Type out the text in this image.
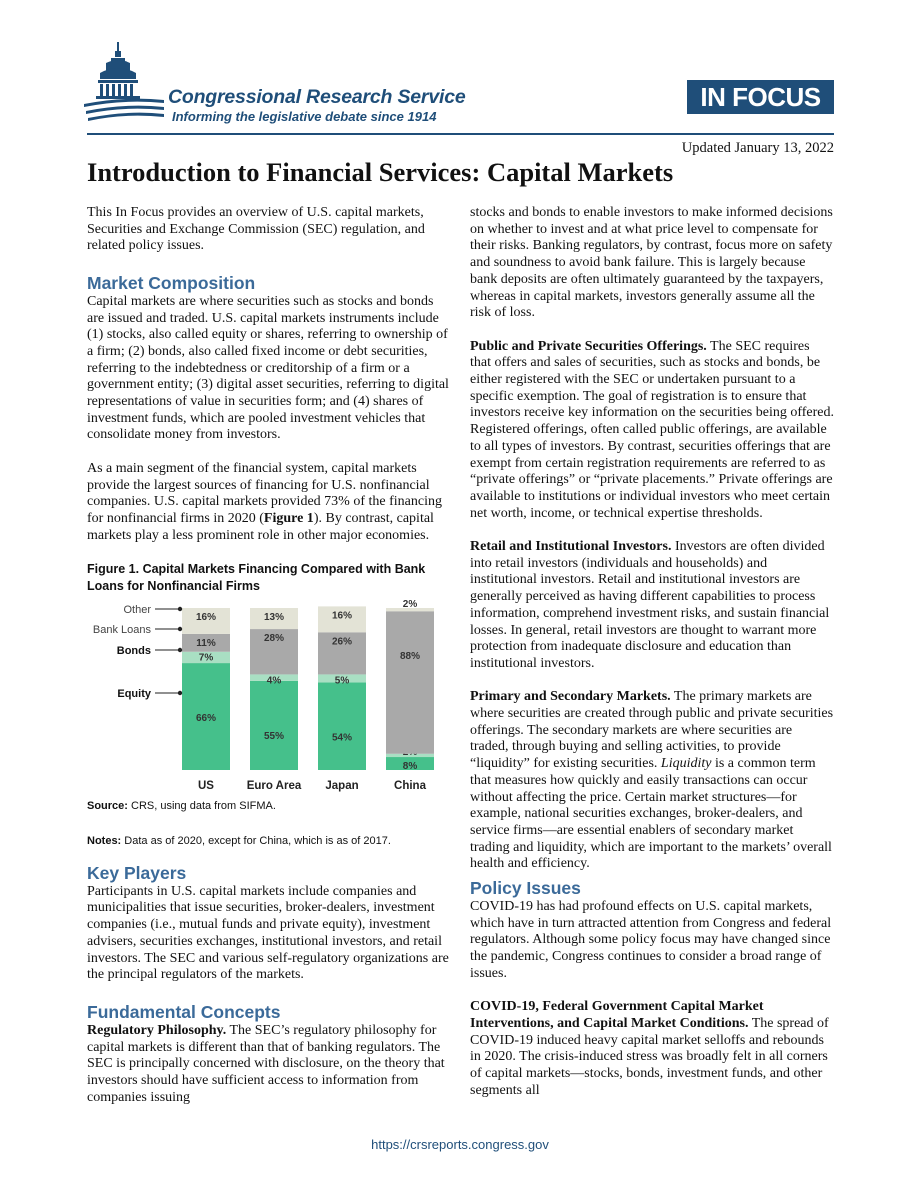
Congressional Research Service
Informing the legislative debate since 1914
IN FOCUS
Updated January 13, 2022
Introduction to Financial Services: Capital Markets

This In Focus provides an overview of U.S. capital markets, Securities and Exchange Commission (SEC) regulation, and related policy issues.

Market Composition

Capital markets are where securities such as stocks and bonds are issued and traded. U.S. capital markets instruments include (1) stocks, also called equity or shares, referring to ownership of a firm; (2) bonds, also called fixed income or debt securities, referring to the indebtedness or creditorship of a firm or a government entity; (3) digital asset securities, referring to digital representations of value in securities form; and (4) shares of investment funds, which are pooled investment vehicles that consolidate money from investors.

As a main segment of the financial system, capital markets provide the largest sources of financing for U.S. nonfinancial companies. U.S. capital markets provided 73% of the financing for nonfinancial firms in 2020 (Figure 1). By contrast, capital markets play a less prominent role in other major economies.

Figure 1. Capital Markets Financing Compared with Bank Loans for Nonfinancial Firms
66%
55%	54%
8%
7%
4%	5%
11%	28%	26%
88%
16%	13%	16%
2%
US	Euro Area Japan	China
Other
Bank Loans
Bonds
Equity

Source: CRS, using data from SIFMA.

Notes: Data as of 2020, except for China, which is as of 2017.

Key Players

Participants in U.S. capital markets include companies and municipalities that issue securities, broker-dealers, investment companies (i.e., mutual funds and private equity), investment advisers, securities exchanges, institutional investors, and retail investors. The SEC and various self-regulatory organizations are the principal regulators of the markets.

Fundamental Concepts

Regulatory Philosophy. The SEC’s regulatory philosophy for capital markets is different than that of banking regulators. The SEC is principally concerned with disclosure, on the theory that investors should have sufficient access to information from companies issuing

stocks and bonds to enable investors to make informed decisions on whether to invest and at what price level to compensate for their risks. Banking regulators, by contrast, focus more on safety and soundness to avoid bank failure. This is largely because bank deposits are often ultimately guaranteed by the taxpayers, whereas in capital markets, investors generally assume all the risk of loss.

Public and Private Securities Offerings. The SEC requires that offers and sales of securities, such as stocks and bonds, be either registered with the SEC or undertaken pursuant to a specific exemption. The goal of registration is to ensure that investors receive key information on the securities being offered. Registered offerings, often called public offerings, are available to all types of investors. By contrast, securities offerings that are exempt from certain registration requirements are referred to as “private offerings” or “private placements.” Private offerings are available to institutions or individual investors who meet certain net worth, income, or technical expertise thresholds.

Retail and Institutional Investors. Investors are often divided into retail investors (individuals and households) and institutional investors. Retail and institutional investors are generally perceived as having different capabilities to process information, comprehend investment risks, and sustain financial losses. In general, retail investors are thought to warrant more protection from inadequate disclosure and education than institutional investors.

Primary and Secondary Markets. The primary markets are where securities are created through public and private securities offerings. The secondary markets are where securities are traded, through buying and selling activities, to provide “liquidity” for existing securities. Liquidity is a common term that measures how quickly and easily transactions can occur without affecting the price. Certain market structures—for example, national securities exchanges, broker-dealers, and service firms—are essential enablers of secondary market trading and liquidity, which are important to the markets’ overall health and efficiency.

Policy Issues

COVID-19 has had profound effects on U.S. capital markets, which have in turn attracted attention from Congress and federal regulators. Although some policy focus may have changed since the pandemic, Congress continues to consider a broad range of issues.

COVID-19, Federal Government Capital Market Interventions, and Capital Market Conditions. The spread of COVID-19 induced heavy capital market selloffs and rebounds in 2020. The crisis-induced stress was broadly felt in all corners of capital markets—stocks, bonds, investment funds, and other segments all

https://crsreports.congress.gov
